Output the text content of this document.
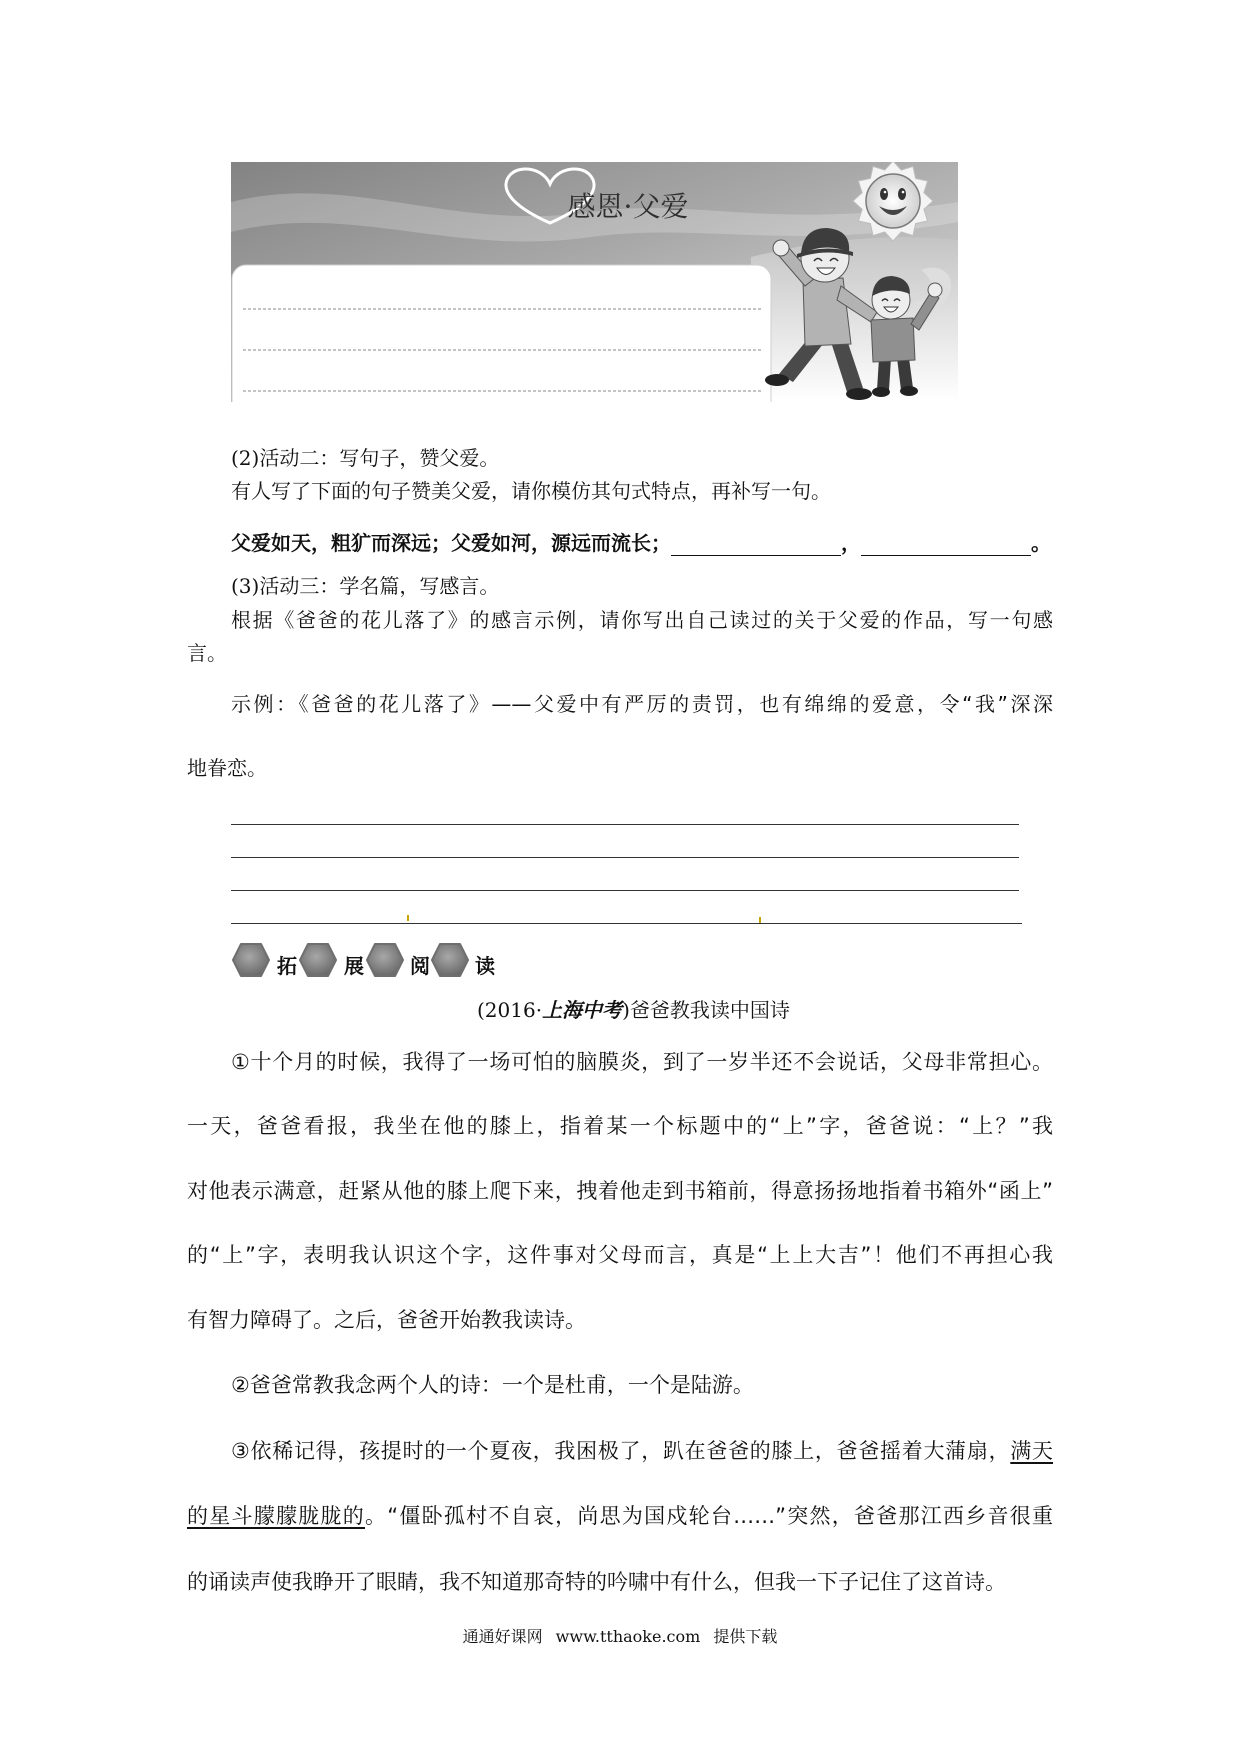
感恩·父爱
(2)活动二：写句子，赞父爱。
有人写了下面的句子赞美父爱，请你模仿其句式特点，再补写一句。
父爱如天，粗犷而深远；父爱如河，源远而流长；	，	。
(3)活动三：学名篇，写感言。
根据《爸爸的花儿落了》的感言示例，请你写出自己读过的关于父爱的作品，写一句感
言。
示例：《爸爸的花儿落了》——父爱中有严厉的责罚，也有绵绵的爱意，令“我”深深
地眷恋。
拓 展 阅 读
(2016·上海中考)爸爸教我读中国诗
①十个月的时候，我得了一场可怕的脑膜炎，到了一岁半还不会说话，父母非常担心。
一天，爸爸看报，我坐在他的膝上，指着某一个标题中的“上”字，爸爸说：“上？”我
对他表示满意，赶紧从他的膝上爬下来，拽着他走到书箱前，得意扬扬地指着书箱外“函上”
的“上”字，表明我认识这个字，这件事对父母而言，真是“上上大吉”！他们不再担心我
有智力障碍了。之后，爸爸开始教我读诗。
②爸爸常教我念两个人的诗：一个是杜甫，一个是陆游。
③依稀记得，孩提时的一个夏夜，我困极了，趴在爸爸的膝上，爸爸摇着大蒲扇，满天
的星斗朦朦胧胧的。“僵卧孤村不自哀，尚思为国戍轮台……”突然，爸爸那江西乡音很重
的诵读声使我睁开了眼睛，我不知道那奇特的吟啸中有什么，但我一下子记住了这首诗。
通通好课网 www.tthaoke.com 提供下载
